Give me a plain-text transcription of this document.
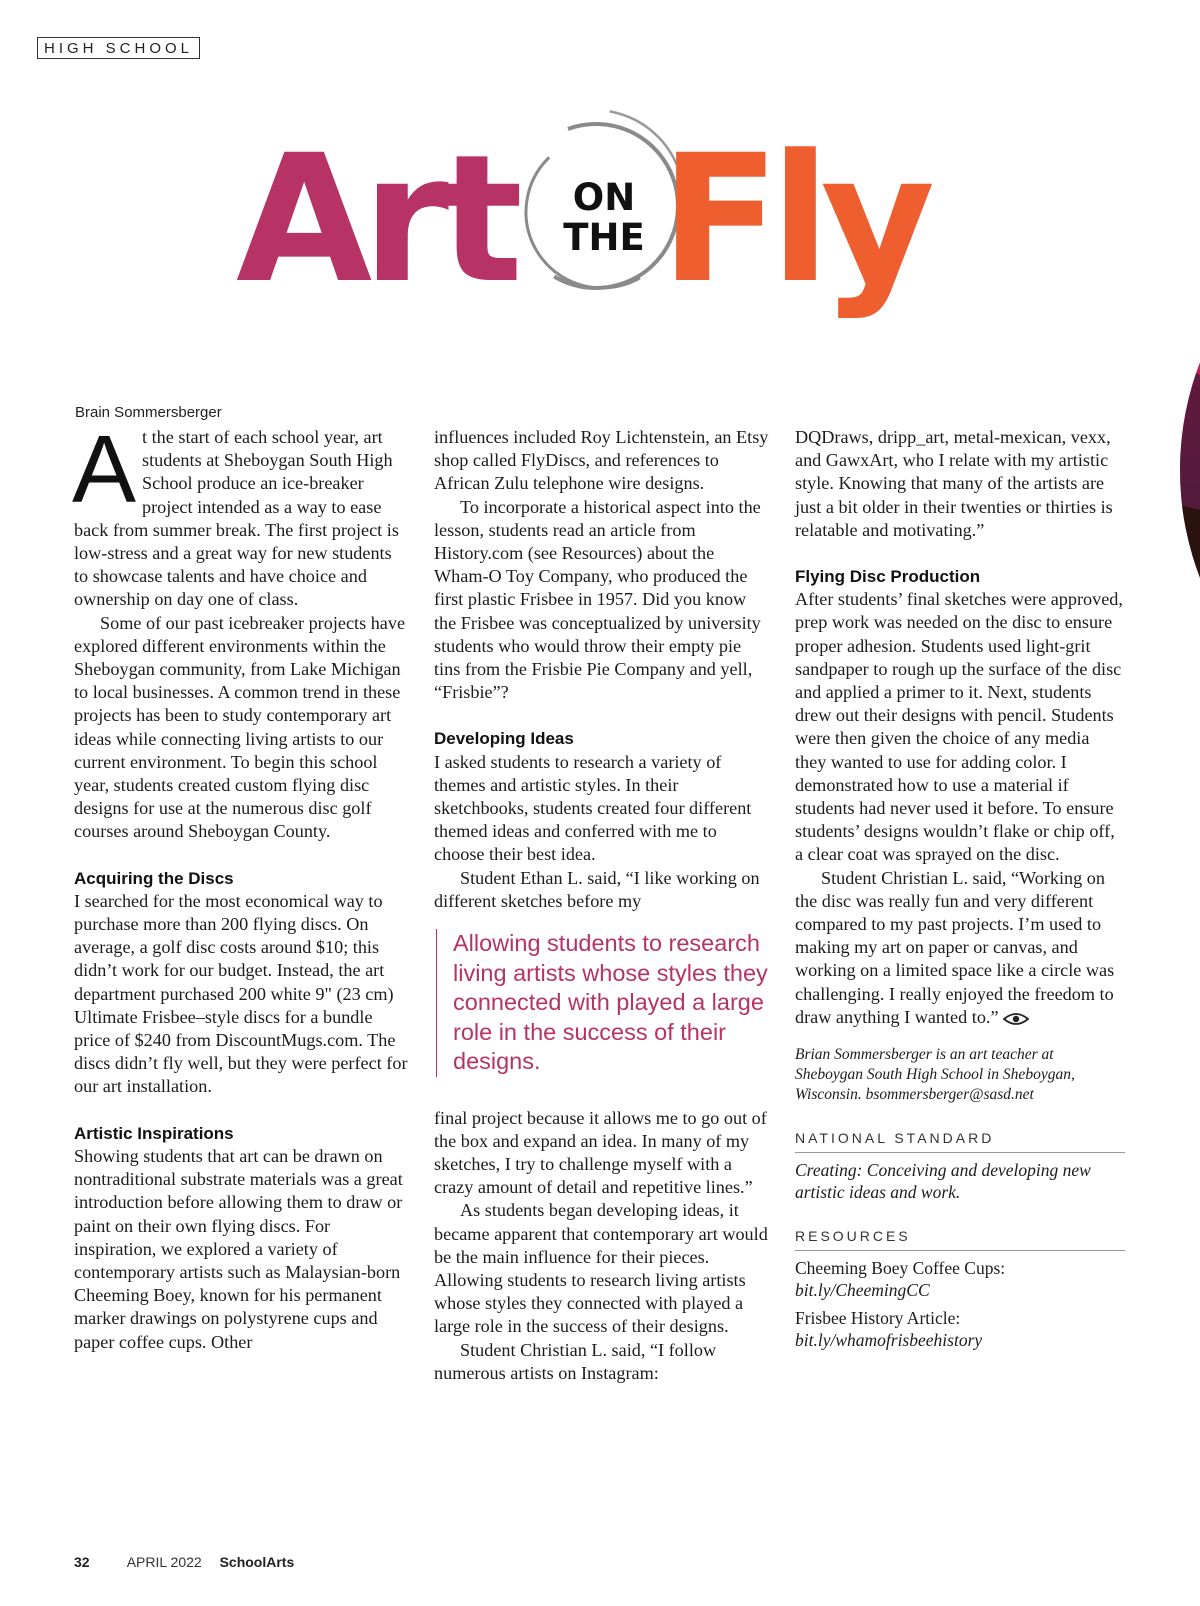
HIGH SCHOOL
Art	ON
THE Fly
Brain Sommersberger
A t the start of each school year, art students at Sheboygan South High School produce an ice-breaker project intended as a way to ease back from summer break. The first project is low-stress and a great way for new students to showcase talents and have choice and ownership on day one of class.

Some of our past icebreaker projects have explored different environments within the Sheboygan community, from Lake Michigan to local businesses. A common trend in these projects has been to study contemporary art ideas while connecting living artists to our current environment. To begin this school year, students created custom flying disc designs for use at the numerous disc golf courses around Sheboygan County.

Acquiring the Discs

I searched for the most economical way to purchase more than 200 flying discs. On average, a golf disc costs around $10; this didn’t work for our budget. Instead, the art department purchased 200 white 9" (23 cm) Ultimate Frisbee–style discs for a bundle price of $240 from DiscountMugs.com. The discs didn’t fly well, but they were perfect for our art installation.

Artistic Inspirations

Showing students that art can be drawn on nontraditional substrate materials was a great introduction before allowing them to draw or paint on their own flying discs. For inspiration, we explored a variety of contemporary artists such as Malaysian-born Cheeming Boey, known for his permanent marker drawings on polystyrene cups and paper coffee cups. Other

influences included Roy Lichtenstein, an Etsy shop called FlyDiscs, and references to African Zulu telephone wire designs.

To incorporate a historical aspect into the lesson, students read an article from History.com (see Resources) about the Wham-O Toy Company, who produced the first plastic Frisbee in 1957. Did you know the Frisbee was conceptualized by university students who would throw their empty pie tins from the Frisbie Pie Company and yell, “Frisbie”?

Developing Ideas

I asked students to research a variety of themes and artistic styles. In their sketchbooks, students created four different themed ideas and conferred with me to choose their best idea.

Student Ethan L. said, “I like working on different sketches before my

Allowing students to research living artists whose styles they connected with played a large role in the success of their designs.

final project because it allows me to go out of the box and expand an idea. In many of my sketches, I try to challenge myself with a crazy amount of detail and repetitive lines.”

As students began developing ideas, it became apparent that contemporary art would be the main influence for their pieces. Allowing students to research living artists whose styles they connected with played a large role in the success of their designs.

Student Christian L. said, “I follow numerous artists on Instagram:

DQDraws, dripp_art, metal-mexican, vexx, and GawxArt, who I relate with my artistic style. Knowing that many of the artists are just a bit older in their twenties or thirties is relatable and motivating.”

Flying Disc Production

After students’ final sketches were approved, prep work was needed on the disc to ensure proper adhesion. Students used light-grit sandpaper to rough up the surface of the disc and applied a primer to it. Next, students drew out their designs with pencil. Students were then given the choice of any media they wanted to use for adding color. I demonstrated how to use a material if students had never used it before. To ensure students’ designs wouldn’t flake or chip off, a clear coat was sprayed on the disc.

Student Christian L. said, “Working on the disc was really fun and very different compared to my past projects. I’m used to making my art on paper or canvas, and working on a limited space like a circle was challenging. I really enjoyed the freedom to draw anything I wanted to.”

Brian Sommersberger is an art teacher at Sheboygan South High School in Sheboygan, Wisconsin. bsommersberger@sasd.net
NATIONAL STANDARD
Creating: Conceiving and developing new artistic ideas and work.
RESOURCES
Cheeming Boey Coffee Cups:
bit.ly/CheemingCC
Frisbee History Article:
bit.ly/whamofrisbeehistory
32	APRIL 2022 SchoolArts
